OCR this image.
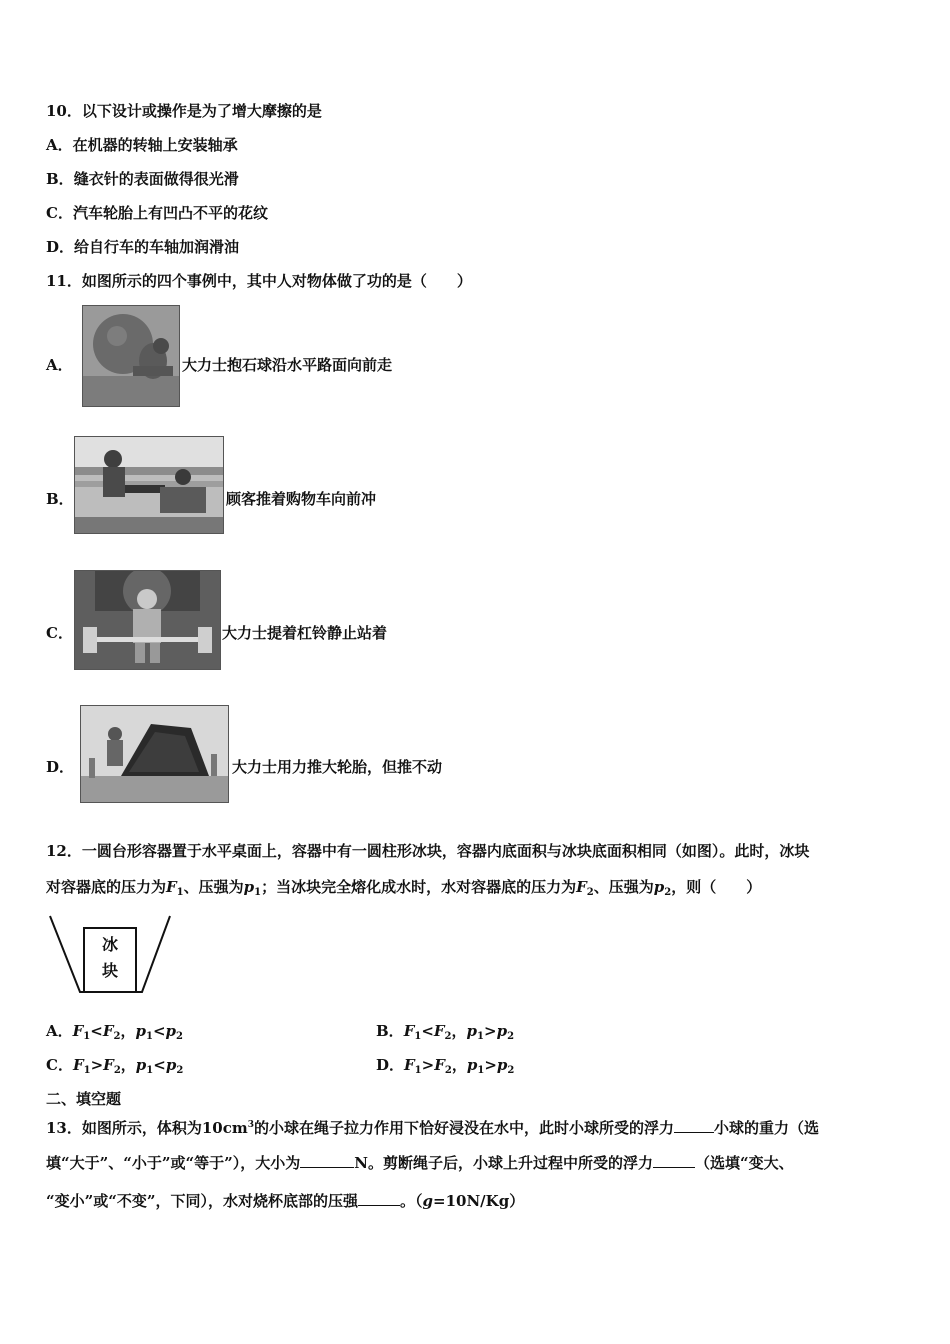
10．以下设计或操作是为了增大摩擦的是
A．在机器的转轴上安装轴承
B．缝衣针的表面做得很光滑
C．汽车轮胎上有凹凸不平的花纹
D．给自行车的车轴加润滑油
11．如图所示的四个事例中，其中人对物体做了功的是（　　）
A．	大力士抱石球沿水平路面向前走
B．	顾客推着购物车向前冲
C．	大力士提着杠铃静止站着
D．	大力士用力推大轮胎，但推不动
12．一圆台形容器置于水平桌面上，容器中有一圆柱形冰块，容器内底面积与冰块底面积相同（如图）。此时，冰块
对容器底的压力为$F_1$、压强为$p_1$；当冰块完全熔化成水时，水对容器底的压力为$F_2$、压强为$p_2$，则（　　）
冰
块
A．$F_1<F_2$，$p_1<p_2$	B．$F_1<F_2$，$p_1>p_2$
C．$F_1>F_2$，$p_1<p_2$	D．$F_1>F_2$，$p_1>p_2$
二、填空题
13．如图所示，体积为$10cm^3$的小球在绳子拉力作用下恰好浸没在水中，此时小球所受的浮力	小球的重力（选
填“大于”、“小于”或“等于”），大小为	N。剪断绳子后，小球上升过程中所受的浮力	（选填“变大、
“变小”或“不变”，下同），水对烧杯底部的压强	。（g=10N/Kg）
